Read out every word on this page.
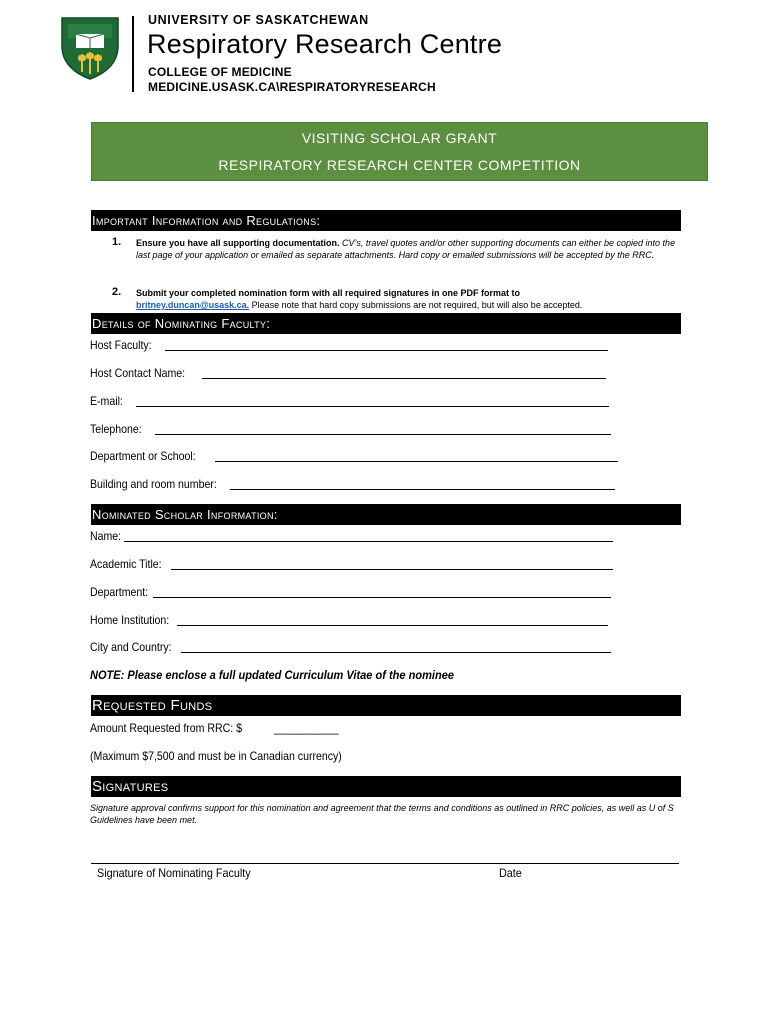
UNIVERSITY OF SASKATCHEWAN
Respiratory Research Centre
COLLEGE OF MEDICINE
MEDICINE.USASK.CA\RESPIRATORYRESEARCH
VISITING SCHOLAR GRANT
RESPIRATORY RESEARCH CENTER COMPETITION
Important Information and Regulations:
1. Ensure you have all supporting documentation. CV’s, travel quotes and/or other supporting documents can either be copied into the last page of your application or emailed as separate attachments. Hard copy or emailed submissions will be accepted by the RRC.
2. Submit your completed nomination form with all required signatures in one PDF format to
britney.duncan@usask.ca. Please note that hard copy submissions are not required, but will also be accepted.
Details of Nominating Faculty:
Host Faculty:
Host Contact Name:
E-mail:
Telephone:
Department or School:
Building and room number:
Nominated Scholar Information:
Name:
Academic Title:
Department:
Home Institution:
City and Country:
NOTE: Please enclose a full updated Curriculum Vitae of the nominee
Requested Funds
Amount Requested from RRC: $	___________
(Maximum $7,500 and must be in Canadian currency)
Signatures
Signature approval confirms support for this nomination and agreement that the terms and conditions as outlined in RRC policies, as well as U of S Guidelines have been met.
Signature of Nominating Faculty	Date
